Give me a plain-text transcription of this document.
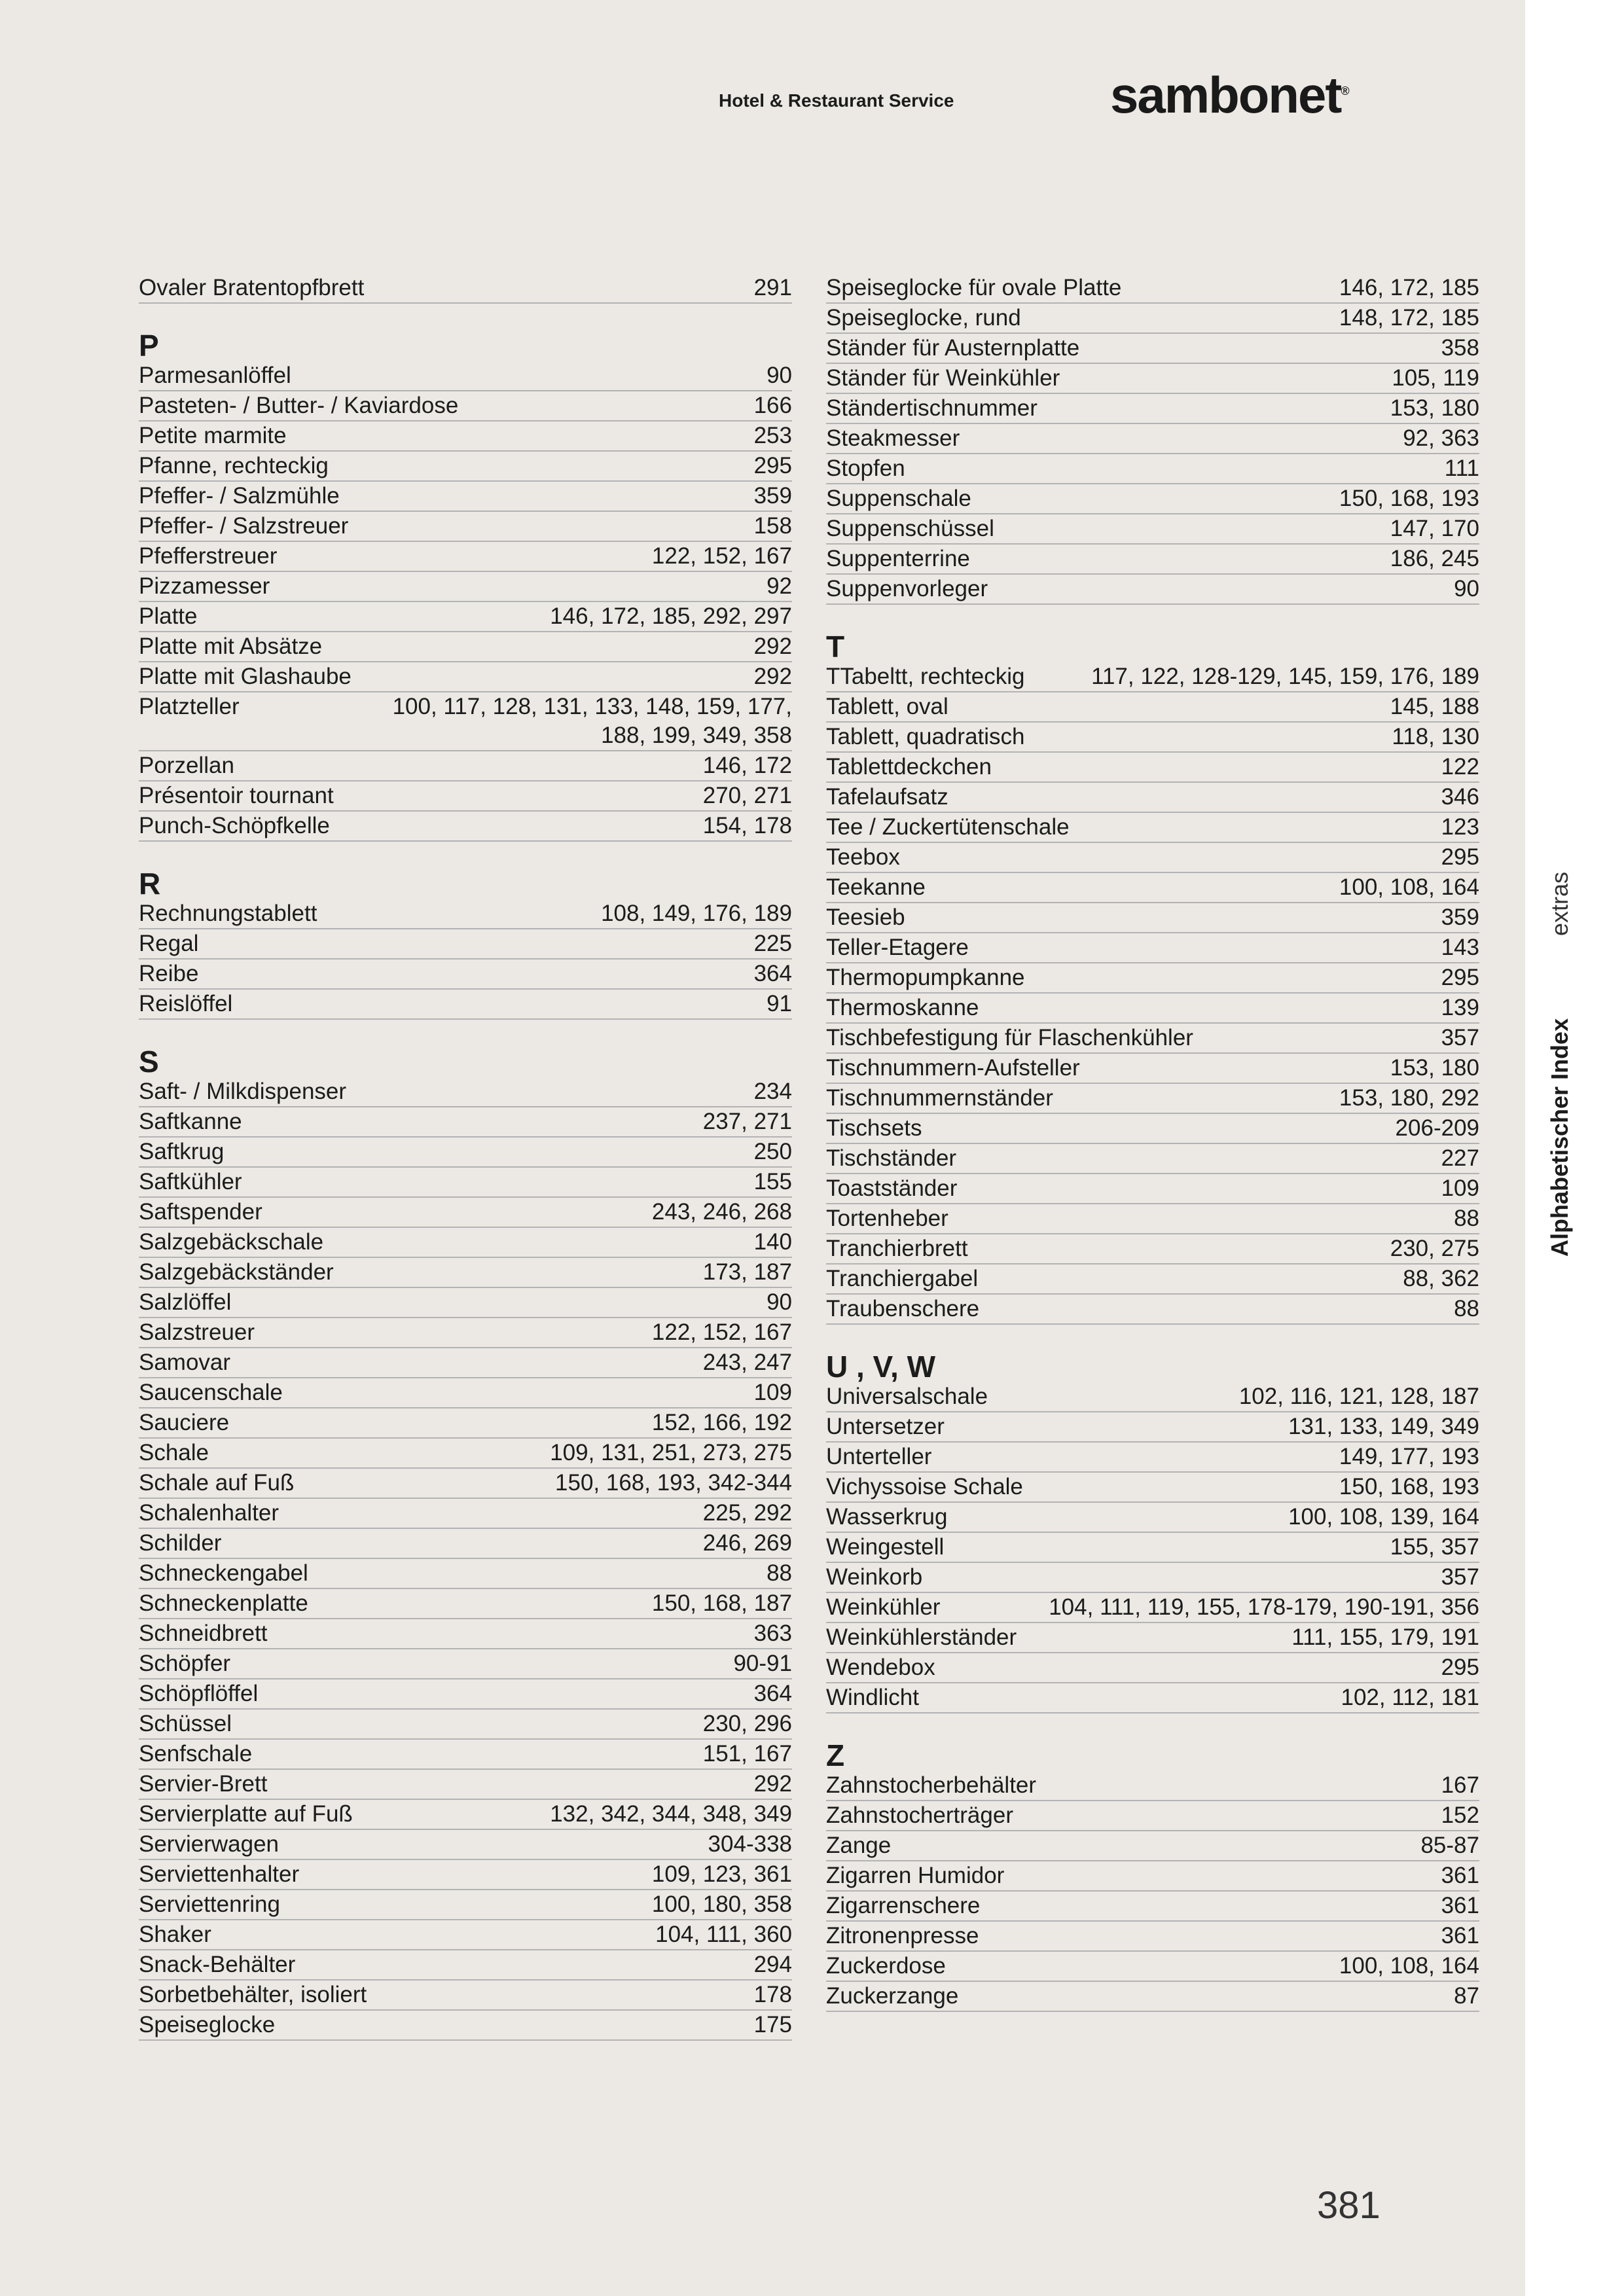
Hotel & Restaurant Service	sambonet®
Ovaler Bratentopfbrett	291
P
Parmesanlöffel	90
Pasteten- / Butter- / Kaviardose	166
Petite marmite	253
Pfanne, rechteckig	295
Pfeffer- / Salzmühle	359
Pfeffer- / Salzstreuer	158
Pfefferstreuer	122, 152, 167
Pizzamesser	92
Platte	146, 172, 185, 292, 297
Platte mit Absätze	292
Platte mit Glashaube	292
Platzteller	100, 117, 128, 131, 133, 148, 159, 177,
188, 199, 349, 358
Porzellan	146, 172
Présentoir tournant	270, 271
Punch-Schöpfkelle	154, 178
R
Rechnungstablett	108, 149, 176, 189
Regal	225
Reibe	364
Reislöffel	91
S
Saft- / Milkdispenser	234
Saftkanne	237, 271
Saftkrug	250
Saftkühler	155
Saftspender	243, 246, 268
Salzgebäckschale	140
Salzgebäckständer	173, 187
Salzlöffel	90
Salzstreuer	122, 152, 167
Samovar	243, 247
Saucenschale	109
Sauciere	152, 166, 192
Schale	109, 131, 251, 273, 275
Schale auf Fuß	150, 168, 193, 342-344
Schalenhalter	225, 292
Schilder	246, 269
Schneckengabel	88
Schneckenplatte	150, 168, 187
Schneidbrett	363
Schöpfer	90-91
Schöpflöffel	364
Schüssel	230, 296
Senfschale	151, 167
Servier-Brett	292
Servierplatte auf Fuß	132, 342, 344, 348, 349
Servierwagen	304-338
Serviettenhalter	109, 123, 361
Serviettenring	100, 180, 358
Shaker	104, 111, 360
Snack-Behälter	294
Sorbetbehälter, isoliert	178
Speiseglocke	175
Speiseglocke für ovale Platte	146, 172, 185
Speiseglocke, rund	148, 172, 185
Ständer für Austernplatte	358
Ständer für Weinkühler	105, 119
Ständertischnummer	153, 180
Steakmesser	92, 363
Stopfen	111
Suppenschale	150, 168, 193
Suppenschüssel	147, 170
Suppenterrine	186, 245
Suppenvorleger	90
T
TTabeltt, rechteckig	117, 122, 128-129, 145, 159, 176, 189
Tablett, oval	145, 188
Tablett, quadratisch	118, 130
Tablettdeckchen	122
Tafelaufsatz	346
Tee / Zuckertütenschale	123
Teebox	295
Teekanne	100, 108, 164
Teesieb	359
Teller-Etagere	143
Thermopumpkanne	295
Thermoskanne	139
Tischbefestigung für Flaschenkühler	357
Tischnummern-Aufsteller	153, 180
Tischnummernständer	153, 180, 292
Tischsets	206-209
Tischständer	227
Toastständer	109
Tortenheber	88
Tranchierbrett	230, 275
Tranchiergabel	88, 362
Traubenschere	88
U , V, W
Universalschale	102, 116, 121, 128, 187
Untersetzer	131, 133, 149, 349
Unterteller	149, 177, 193
Vichyssoise Schale	150, 168, 193
Wasserkrug	100, 108, 139, 164
Weingestell	155, 357
Weinkorb	357
Weinkühler	104, 111, 119, 155, 178-179, 190-191, 356
Weinkühlerständer	111, 155, 179, 191
Wendebox	295
Windlicht	102, 112, 181
Z
Zahnstocherbehälter	167
Zahnstocherträger	152
Zange	85-87
Zigarren Humidor	361
Zigarrenschere	361
Zitronenpresse	361
Zuckerdose	100, 108, 164
Zuckerzange	87
Alphabetischer Index
extras
381
